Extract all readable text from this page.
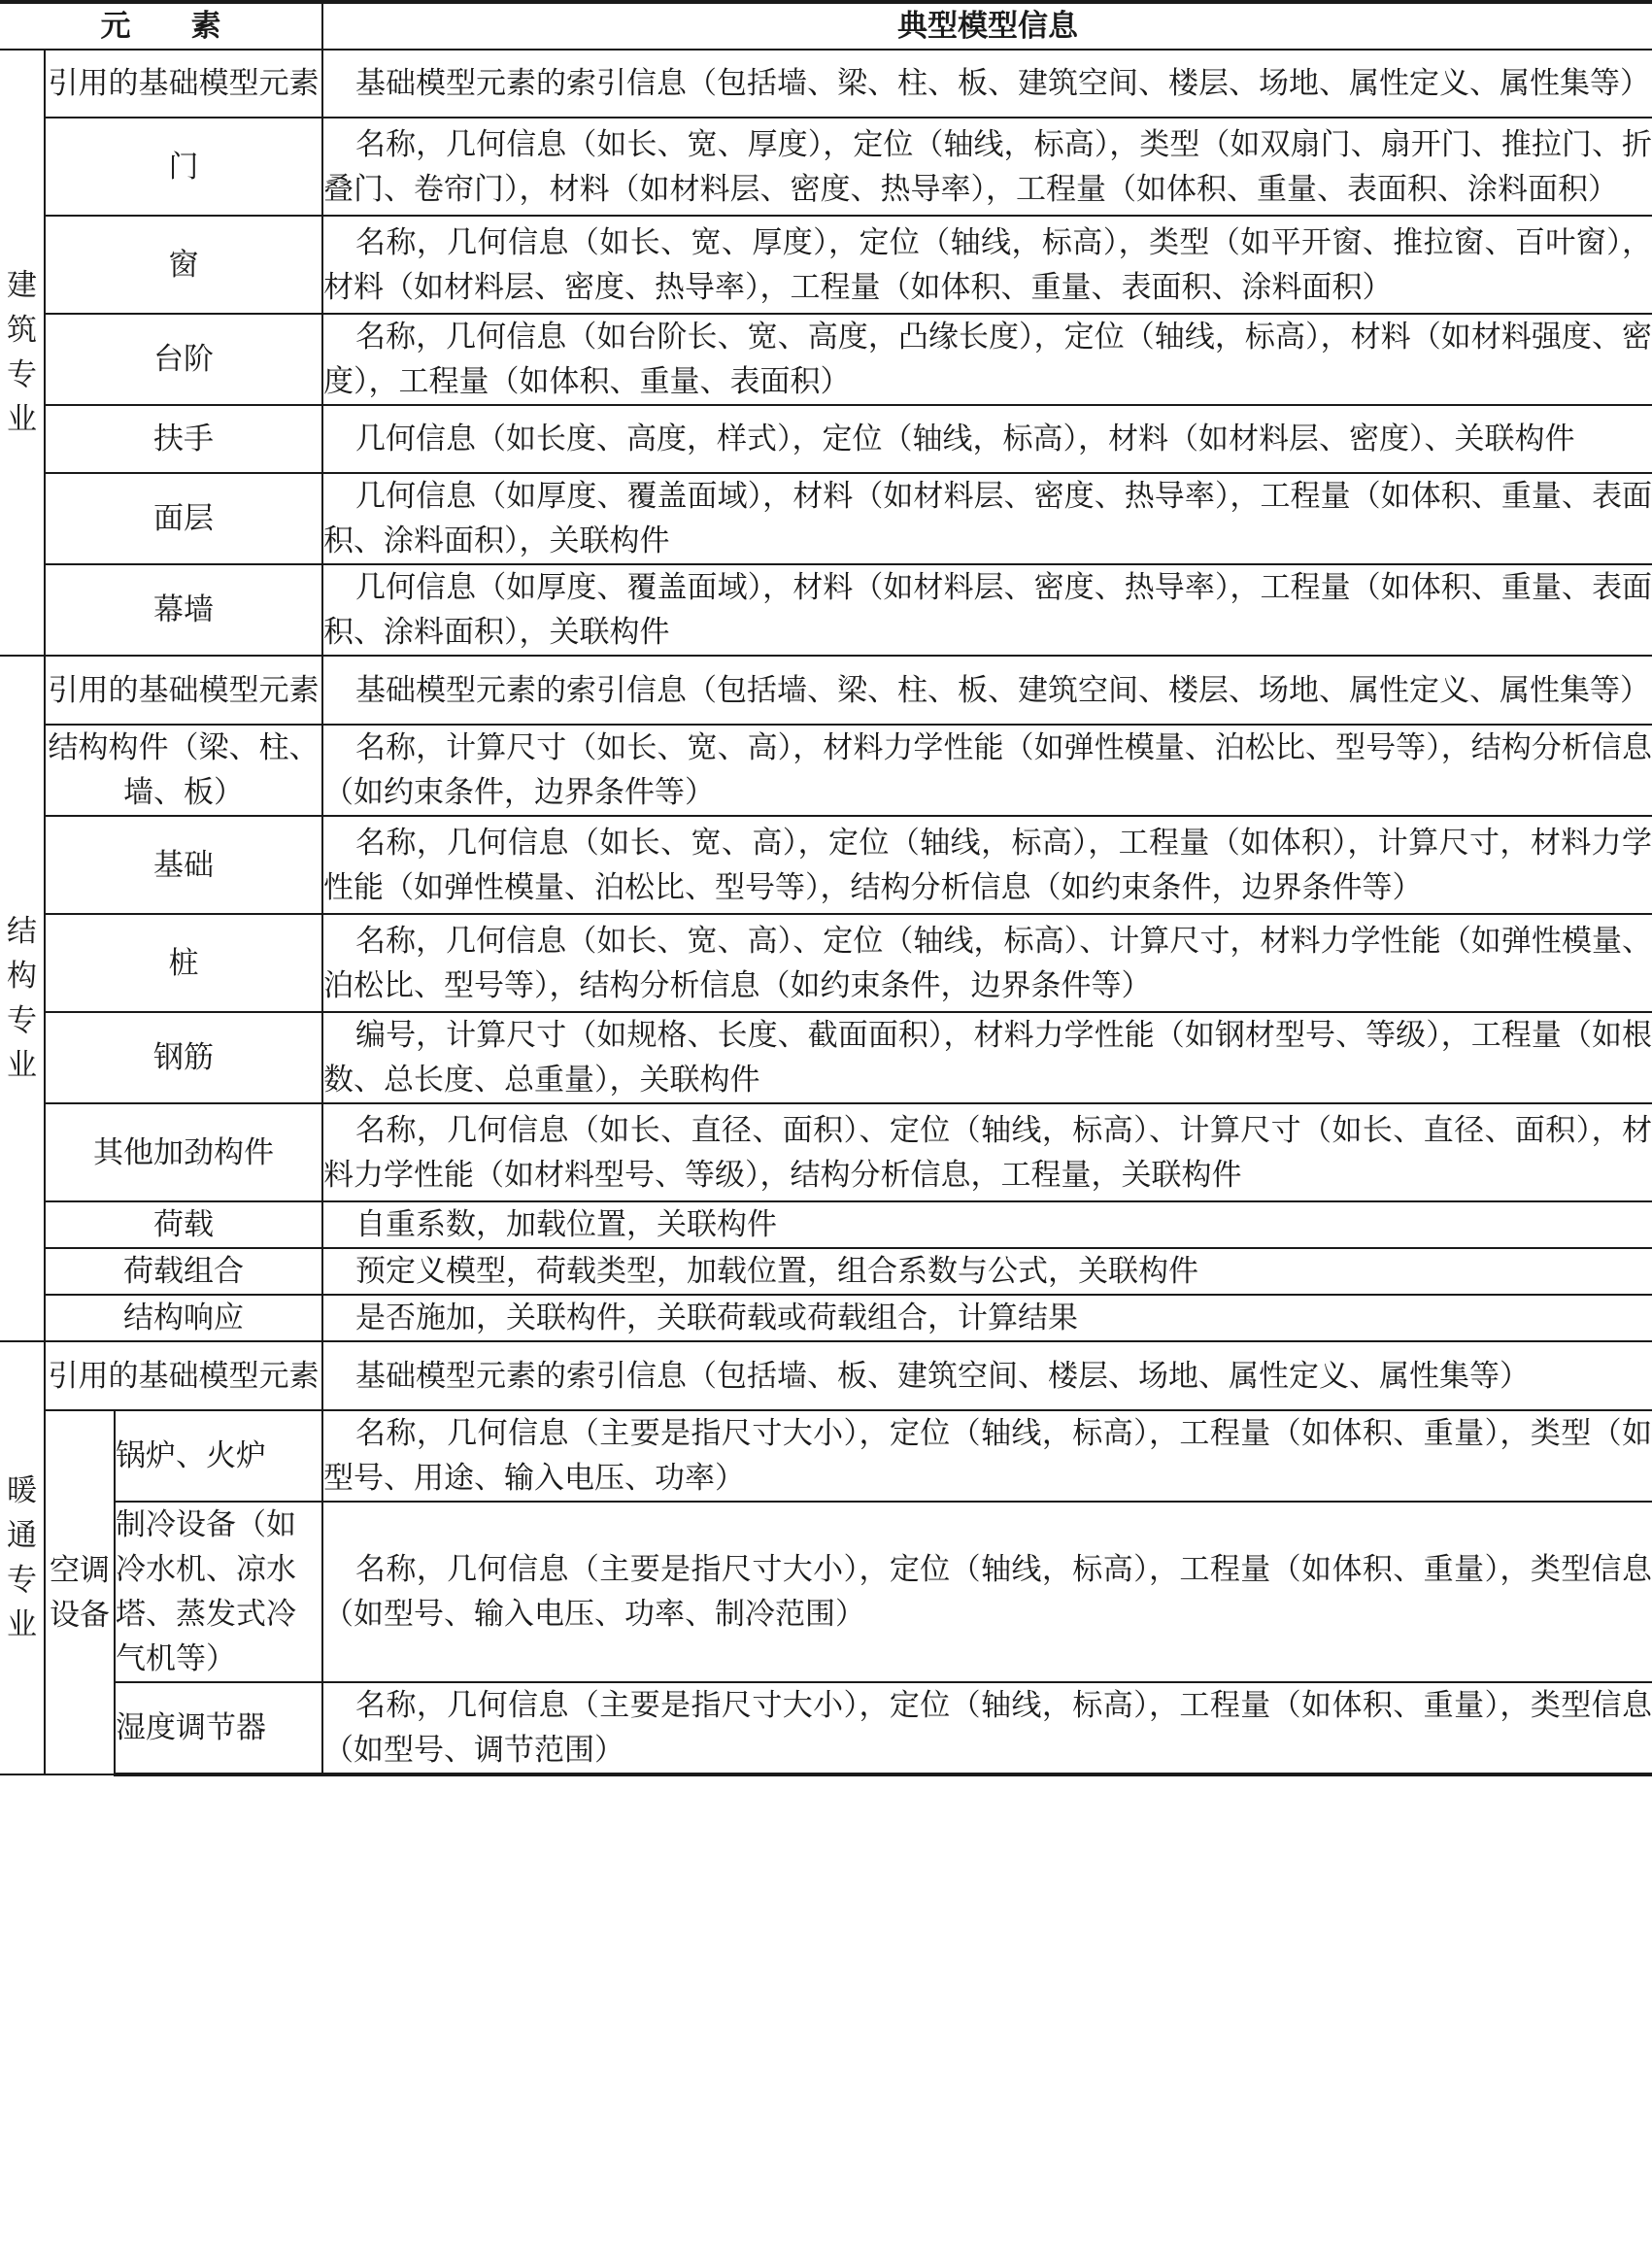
元　　素			典型模型信息

建筑专业	引用的基础模型元素		基础模型元素的索引信息（包括墙、梁、柱、板、建筑空间、楼层、场地、属性定义、属性集等）
	门		名称，几何信息（如长、宽、厚度），定位（轴线，标高），类型（如双扇门、扇开门、推拉门、折叠门、卷帘门），材料（如材料层、密度、热导率），工程量（如体积、重量、表面积、涂料面积）
	窗		名称，几何信息（如长、宽、厚度），定位（轴线，标高），类型（如平开窗、推拉窗、百叶窗），材料（如材料层、密度、热导率），工程量（如体积、重量、表面积、涂料面积）
	台阶		名称，几何信息（如台阶长、宽、高度，凸缘长度），定位（轴线，标高），材料（如材料强度、密度），工程量（如体积、重量、表面积）
	扶手		几何信息（如长度、高度，样式），定位（轴线，标高），材料（如材料层、密度）、关联构件
	面层		几何信息（如厚度、覆盖面域），材料（如材料层、密度、热导率），工程量（如体积、重量、表面积、涂料面积），关联构件
	幕墙		几何信息（如厚度、覆盖面域），材料（如材料层、密度、热导率），工程量（如体积、重量、表面积、涂料面积），关联构件

结构专业	引用的基础模型元素		基础模型元素的索引信息（包括墙、梁、柱、板、建筑空间、楼层、场地、属性定义、属性集等）
	结构构件（梁、柱、墙、板）		名称，计算尺寸（如长、宽、高），材料力学性能（如弹性模量、泊松比、型号等），结构分析信息（如约束条件，边界条件等）
	基础		名称，几何信息（如长、宽、高），定位（轴线，标高），工程量（如体积），计算尺寸，材料力学性能（如弹性模量、泊松比、型号等），结构分析信息（如约束条件，边界条件等）
	桩		名称，几何信息（如长、宽、高）、定位（轴线，标高）、计算尺寸，材料力学性能（如弹性模量、泊松比、型号等），结构分析信息（如约束条件，边界条件等）
	钢筋		编号，计算尺寸（如规格、长度、截面面积），材料力学性能（如钢材型号、等级），工程量（如根数、总长度、总重量），关联构件
	其他加劲构件		名称，几何信息（如长、直径、面积）、定位（轴线，标高）、计算尺寸（如长、直径、面积），材料力学性能（如材料型号、等级），结构分析信息，工程量，关联构件
	荷载		自重系数，加载位置，关联构件
	荷载组合		预定义模型，荷载类型，加载位置，组合系数与公式，关联构件
	结构响应		是否施加，关联构件，关联荷载或荷载组合，计算结果

暖通专业	引用的基础模型元素		基础模型元素的索引信息（包括墙、板、建筑空间、楼层、场地、属性定义、属性集等）

	空调设备	锅炉、火炉	名称，几何信息（主要是指尺寸大小），定位（轴线，标高），工程量（如体积、重量），类型（如型号、用途、输入电压、功率）
		制冷设备（如冷水机、凉水塔、蒸发式冷气机等）	名称，几何信息（主要是指尺寸大小），定位（轴线，标高），工程量（如体积、重量），类型信息（如型号、输入电压、功率、制冷范围）
		湿度调节器	名称，几何信息（主要是指尺寸大小），定位（轴线，标高），工程量（如体积、重量），类型信息（如型号、调节范围）
